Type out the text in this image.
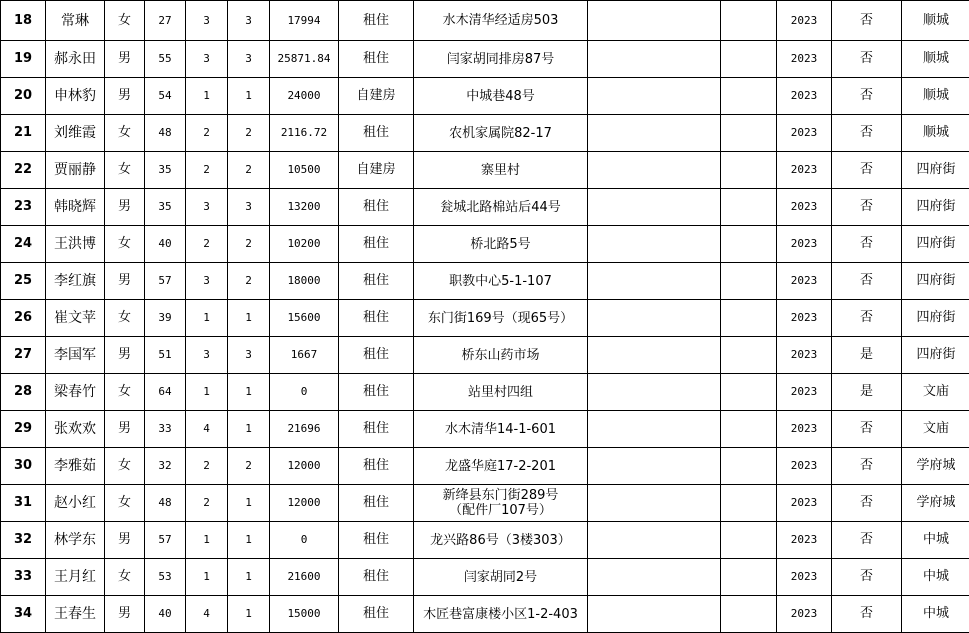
18	常琳	女	27	3	3	17994	租住	水木清华经适房503			2023	否	顺城	
19	郝永田	男	55	3	3	25871.84	租住	闫家胡同排房87号			2023	否	顺城	
20	申林豹	男	54	1	1	24000	自建房	中城巷48号			2023	否	顺城	
21	刘维霞	女	48	2	2	2116.72	租住	农机家属院82-17			2023	否	顺城	
22	贾丽静	女	35	2	2	10500	自建房	寨里村			2023	否	四府街	
23	韩晓辉	男	35	3	3	13200	租住	瓮城北路棉站后44号			2023	否	四府街	
24	王洪博	女	40	2	2	10200	租住	桥北路5号			2023	否	四府街	
25	李红旗	男	57	3	2	18000	租住	职教中心5-1-107			2023	否	四府街	
26	崔文苹	女	39	1	1	15600	租住	东门街169号（现65号）			2023	否	四府街	
27	李国军	男	51	3	3	1667	租住	桥东山药市场			2023	是	四府街	
28	梁春竹	女	64	1	1	0	租住	站里村四组			2023	是	文庙	
29	张欢欢	男	33	4	1	21696	租住	水木清华14-1-601			2023	否	文庙	
30	李雅茹	女	32	2	2	12000	租住	龙盛华庭17-2-201			2023	否	学府城	
31	赵小红	女	48	2	1	12000	租住	新绛县东门街289号
（配件厂107号）			2023	否	学府城	
32	林学东	男	57	1	1	0	租住	龙兴路86号（3楼303）			2023	否	中城	
33	王月红	女	53	1	1	21600	租住	闫家胡同2号			2023	否	中城	
34	王春生	男	40	4	1	15000	租住	木匠巷富康楼小区1-2-403			2023	否	中城	
